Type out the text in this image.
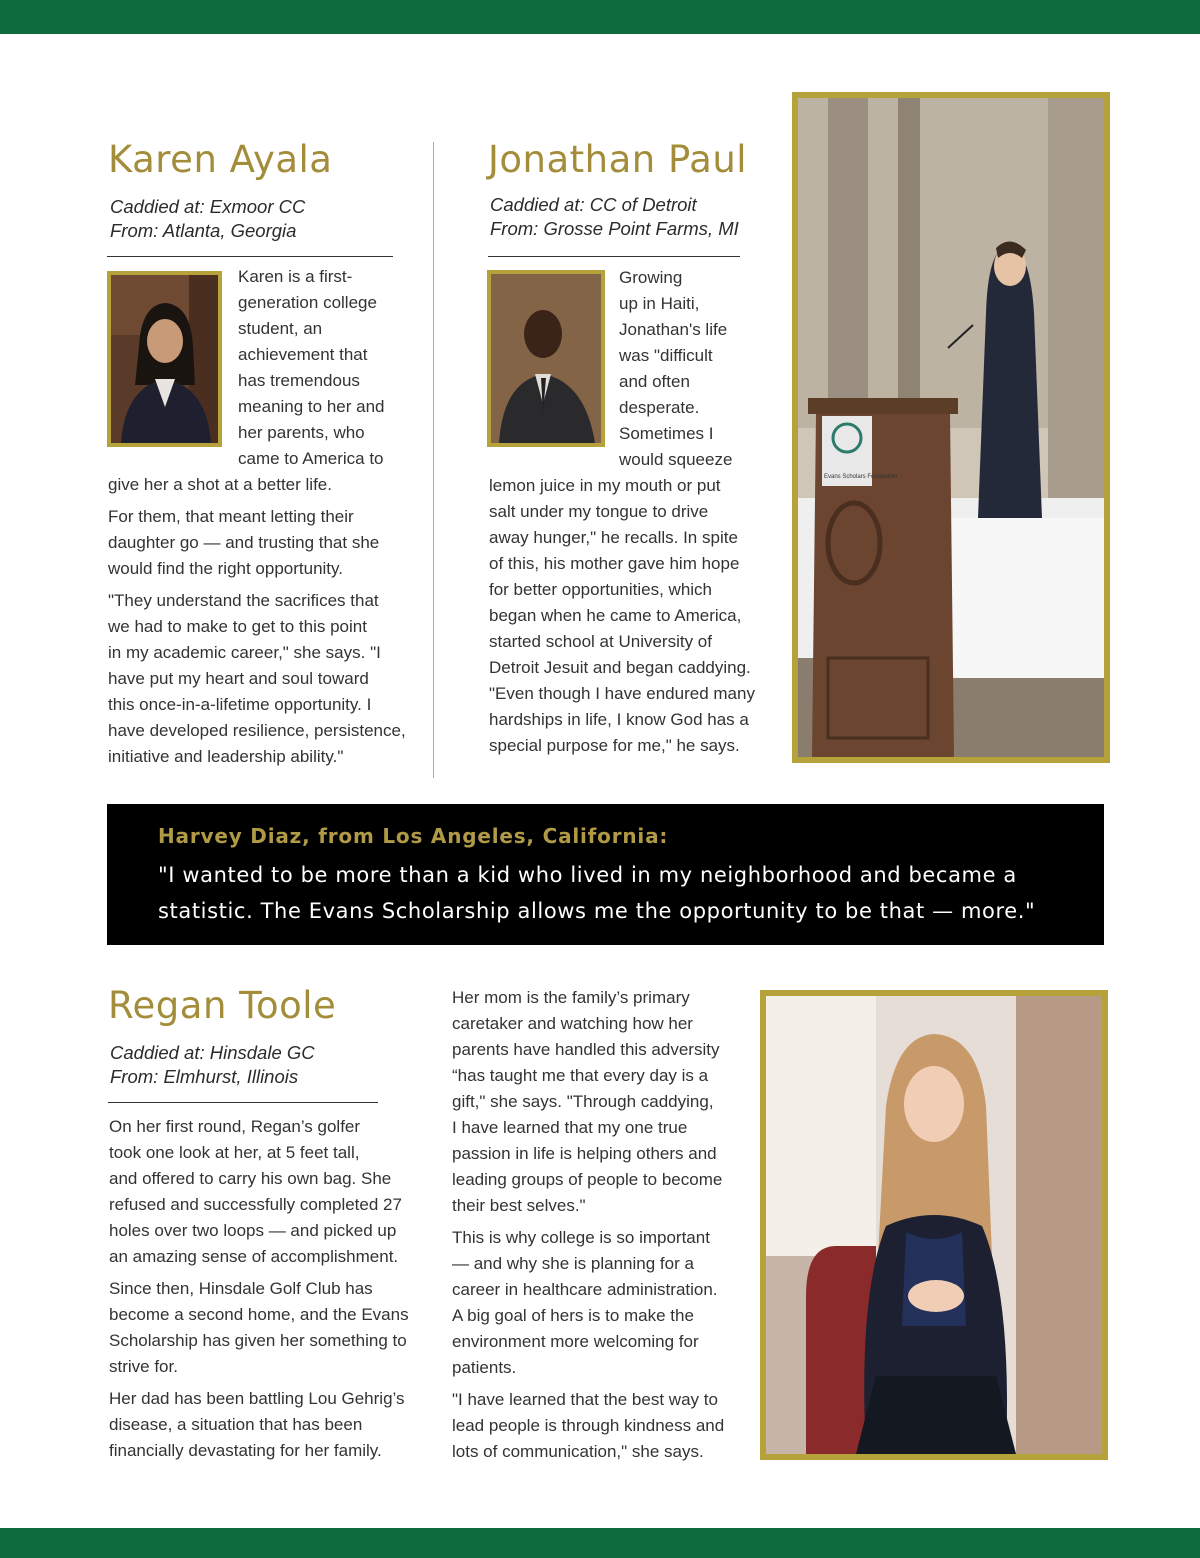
Karen Ayala
Caddied at: Exmoor CC
From: Atlanta, Georgia
Karen is a first-
generation college
student, an
achievement that
has tremendous
meaning to her and
her parents, who
came to America to

give her a shot at a better life.

For them, that meant letting their
daughter go — and trusting that she
would find the right opportunity.

"They understand the sacrifices that
we had to make to get to this point
in my academic career," she says. "I
have put my heart and soul toward
this once-in-a-lifetime opportunity. I
have developed resilience, persistence,
initiative and leadership ability."

Jonathan Paul
Caddied at: CC of Detroit
From: Grosse Point Farms, MI
Growing
up in Haiti,
Jonathan's life
was "difficult
and often
desperate.
Sometimes I
would squeeze
lemon juice in my mouth or put
salt under my tongue to drive
away hunger," he recalls. In spite
of this, his mother gave him hope
for better opportunities, which
began when he came to America,
started school at University of
Detroit Jesuit and began caddying.
"Even though I have endured many
hardships in life, I know God has a
special purpose for me," he says.
Evans Scholars Foundation
Harvey Diaz, from Los Angeles, California:
"I wanted to be more than a kid who lived in my neighborhood and became a
statistic. The Evans Scholarship allows me the opportunity to be that — more."
Regan Toole
Caddied at: Hinsdale GC
From: Elmhurst, Illinois

On her first round, Regan’s golfer
took one look at her, at 5 feet tall,
and offered to carry his own bag. She
refused and successfully completed 27
holes over two loops — and picked up
an amazing sense of accomplishment.

Since then, Hinsdale Golf Club has
become a second home, and the Evans
Scholarship has given her something to
strive for.

Her dad has been battling Lou Gehrig’s
disease, a situation that has been
financially devastating for her family.

Her mom is the family’s primary
caretaker and watching how her
parents have handled this adversity
“has taught me that every day is a
gift," she says. "Through caddying,
I have learned that my one true
passion in life is helping others and
leading groups of people to become
their best selves."

This is why college is so important
— and why she is planning for a
career in healthcare administration.
A big goal of hers is to make the
environment more welcoming for
patients.

"I have learned that the best way to
lead people is through kindness and
lots of communication," she says.
